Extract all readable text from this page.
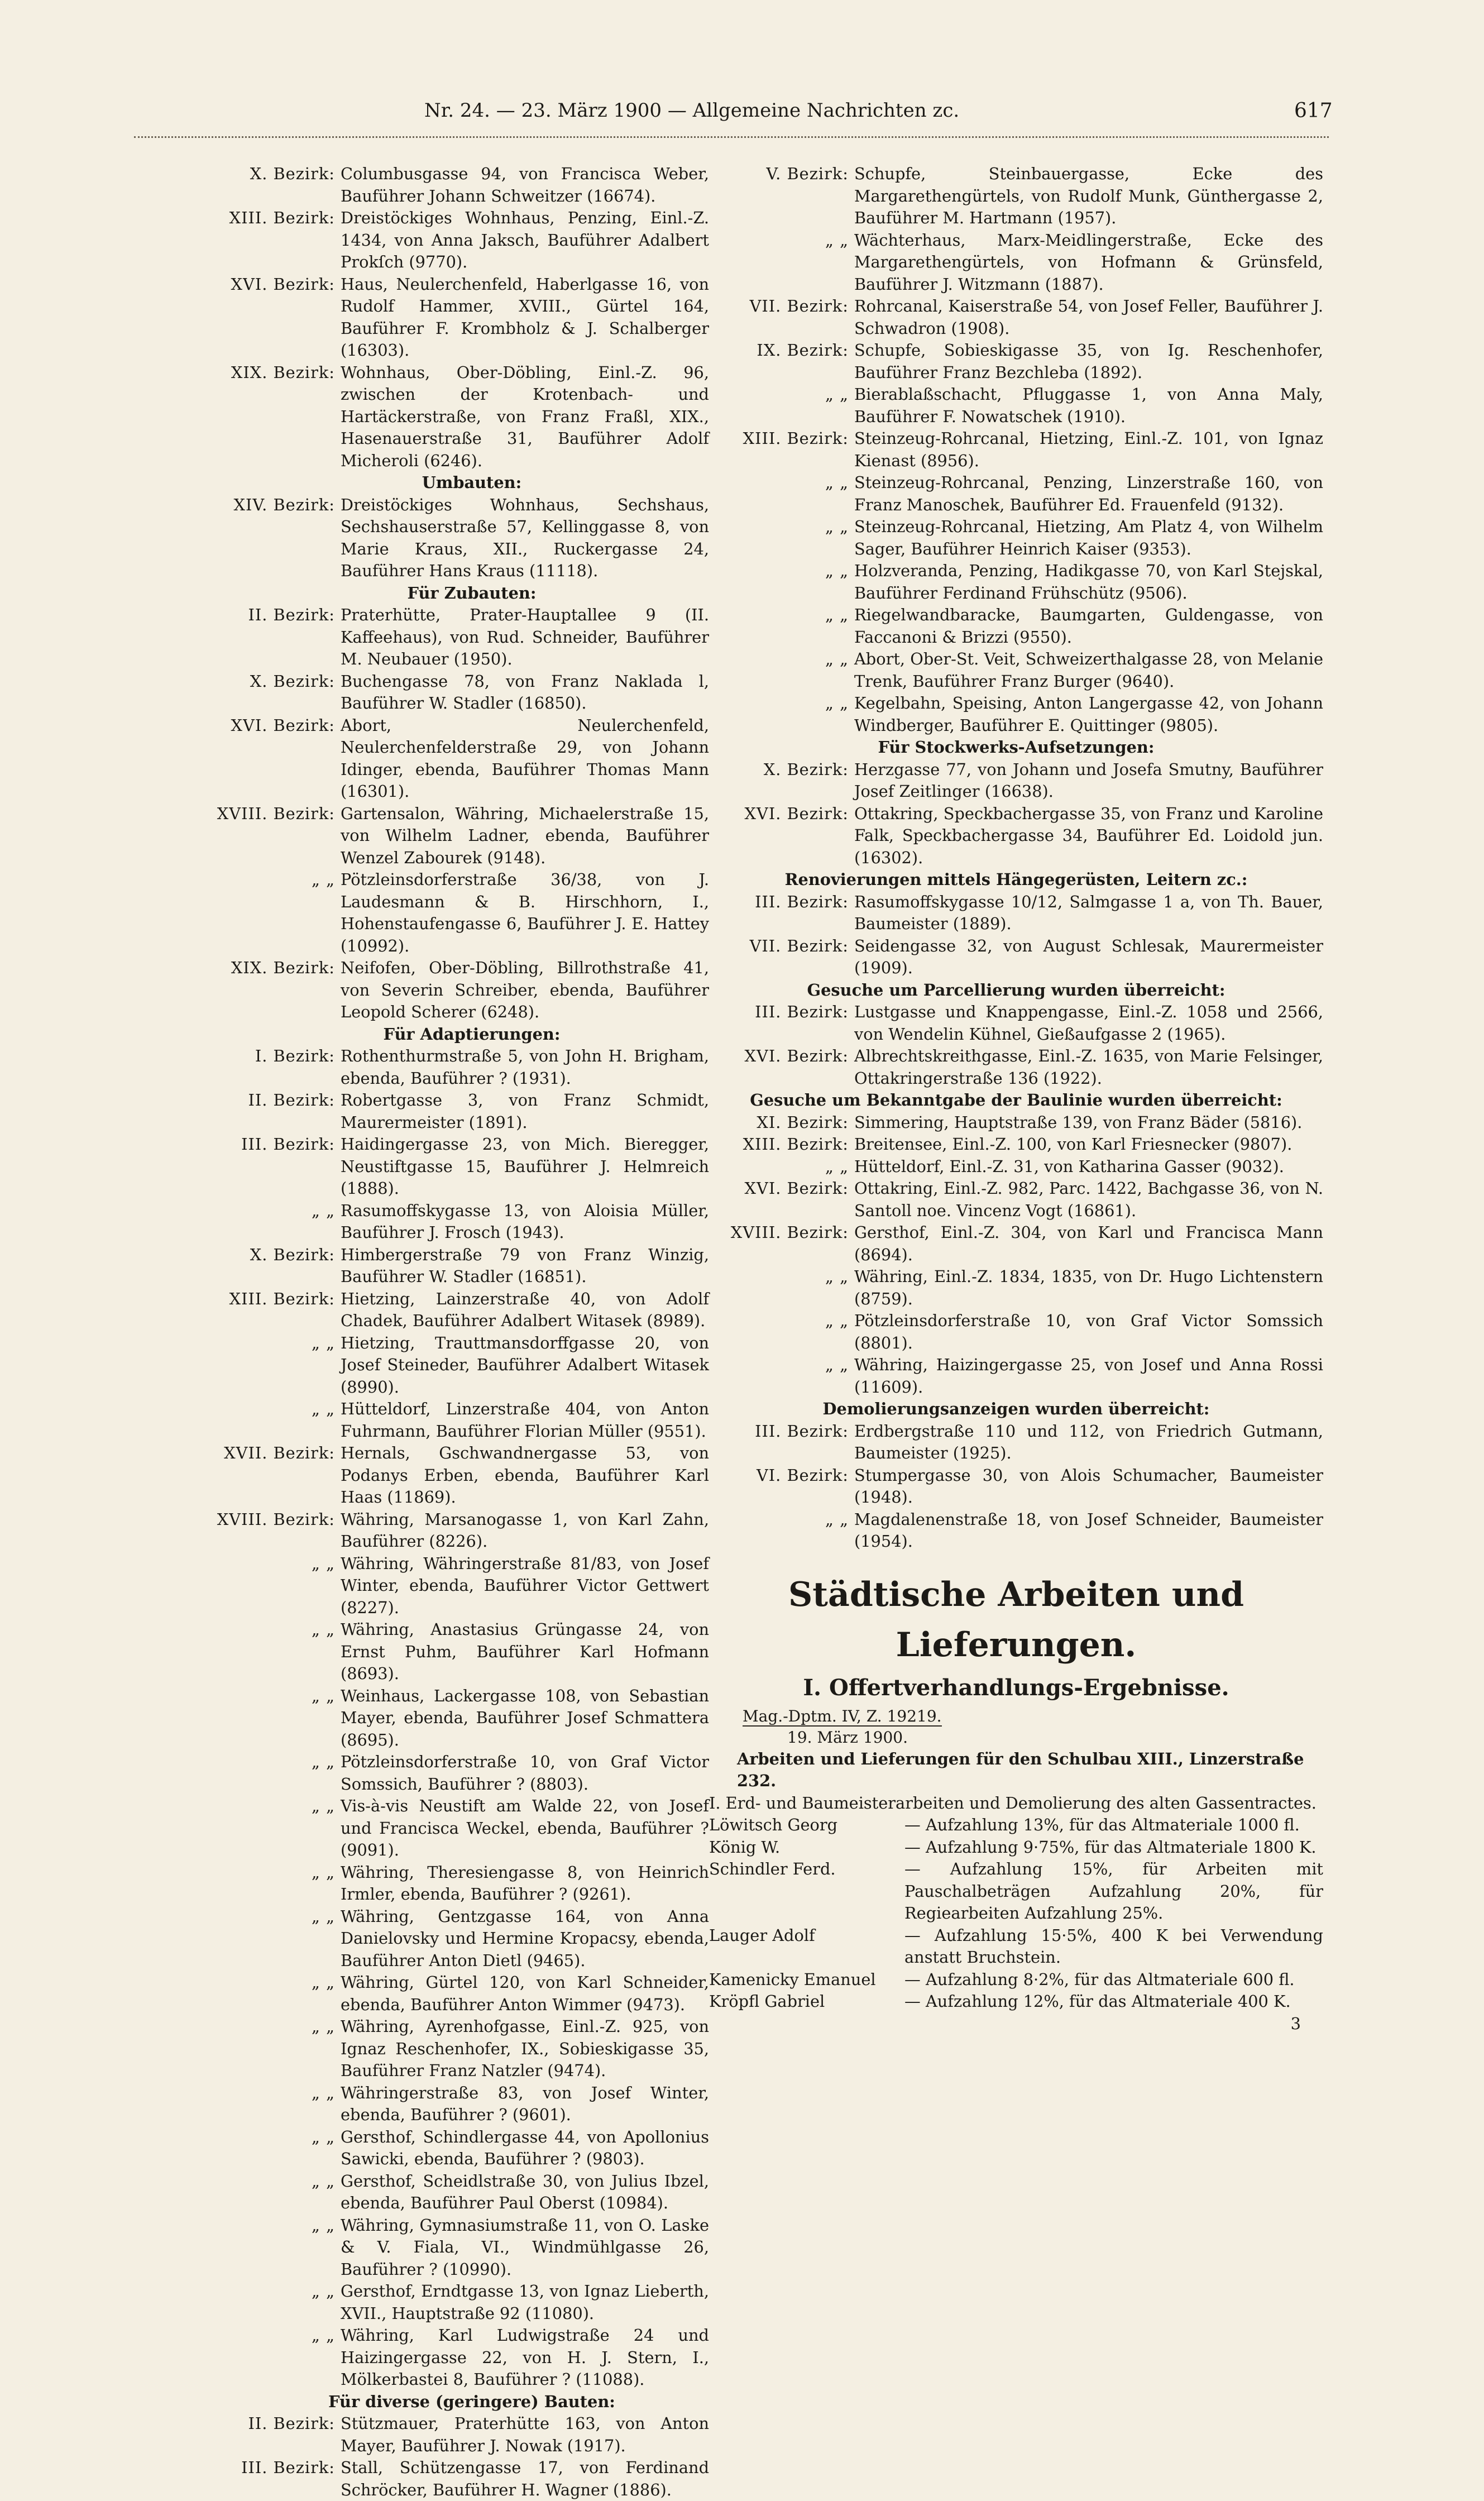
Nr. 24. — 23. März 1900 — Allgemeine Nachrichten zc.	617
X. Bezirk: Columbusgasse 94, von Francisca Weber, Bauführer Johann Schweitzer (16674).
XIII. Bezirk: Dreistöckiges Wohnhaus, Penzing, Einl.-Z. 1434, von Anna Jaksch, Bauführer Adalbert Prokſch (9770).
XVI. Bezirk: Haus, Neulerchenfeld, Haberlgasse 16, von Rudolf Hammer, XVIII., Gürtel 164, Bauführer F. Krombholz & J. Schalberger (16303).
XIX. Bezirk: Wohnhaus, Ober-Döbling, Einl.-Z. 96, zwischen der Krotenbach- und Hartäckerstraße, von Franz Fraßl, XIX., Hasenauerstraße 31, Bauführer Adolf Micheroli (6246).
Umbauten:
XIV. Bezirk: Dreistöckiges Wohnhaus, Sechshaus, Sechshauserstraße 57, Kellinggasse 8, von Marie Kraus, XII., Ruckergasse 24, Bauführer Hans Kraus (11118).
Für Zubauten:
II. Bezirk: Praterhütte, Prater-Hauptallee 9 (II. Kaffeehaus), von Rud. Schneider, Bauführer M. Neubauer (1950).
X. Bezirk: Buchengasse 78, von Franz Naklada l, Bauführer W. Stadler (16850).
XVI. Bezirk: Abort, Neulerchenfeld, Neulerchenfelderstraße 29, von Johann Idinger, ebenda, Bauführer Thomas Mann (16301).
XVIII. Bezirk: Gartensalon, Währing, Michaelerstraße 15, von Wilhelm Ladner, ebenda, Bauführer Wenzel Zabourek (9148).
„ „ Pötzleinsdorferstraße 36/38, von J. Laudesmann & B. Hirschhorn, I., Hohenstaufengasse 6, Bauführer J. E. Hattey (10992).
XIX. Bezirk: Neifofen, Ober-Döbling, Billrothstraße 41, von Severin Schreiber, ebenda, Bauführer Leopold Scherer (6248).
Für Adaptierungen:
I. Bezirk: Rothenthurmstraße 5, von John H. Brigham, ebenda, Bauführer ? (1931).
II. Bezirk: Robertgasse 3, von Franz Schmidt, Maurermeister (1891).
III. Bezirk: Haidingergasse 23, von Mich. Bieregger, Neustiftgasse 15, Bauführer J. Helmreich (1888).
„ „ Rasumoffskygasse 13, von Aloisia Müller, Bauführer J. Frosch (1943).
X. Bezirk: Himbergerstraße 79 von Franz Winzig, Bauführer W. Stadler (16851).
XIII. Bezirk: Hietzing, Lainzerstraße 40, von Adolf Chadek, Bauführer Adalbert Witasek (8989).
„ „ Hietzing, Trauttmansdorffgasse 20, von Josef Steineder, Bauführer Adalbert Witasek (8990).
„ „ Hütteldorf, Linzerstraße 404, von Anton Fuhrmann, Bauführer Florian Müller (9551).
XVII. Bezirk: Hernals, Gschwandnergasse 53, von Podanys Erben, ebenda, Bauführer Karl Haas (11869).
XVIII. Bezirk: Währing, Marsanogasse 1, von Karl Zahn, Bauführer (8226).
„ „ Währing, Währingerstraße 81/83, von Josef Winter, ebenda, Bauführer Victor Gettwert (8227).
„ „ Währing, Anastasius Grüngasse 24, von Ernst Puhm, Bauführer Karl Hofmann (8693).
„ „ Weinhaus, Lackergasse 108, von Sebastian Mayer, ebenda, Bauführer Josef Schmattera (8695).
„ „ Pötzleinsdorferstraße 10, von Graf Victor Somssich, Bauführer ? (8803).
„ „ Vis-à-vis Neustift am Walde 22, von Josef und Francisca Weckel, ebenda, Bauführer ? (9091).
„ „ Währing, Theresiengasse 8, von Heinrich Irmler, ebenda, Bauführer ? (9261).
„ „ Währing, Gentzgasse 164, von Anna Danielovsky und Hermine Kropacsy, ebenda, Bauführer Anton Dietl (9465).
„ „ Währing, Gürtel 120, von Karl Schneider, ebenda, Bauführer Anton Wimmer (9473).
„ „ Währing, Ayrenhofgasse, Einl.-Z. 925, von Ignaz Reschenhofer, IX., Sobieskigasse 35, Bauführer Franz Natzler (9474).
„ „ Währingerstraße 83, von Josef Winter, ebenda, Bauführer ? (9601).
„ „ Gersthof, Schindlergasse 44, von Apollonius Sawicki, ebenda, Bauführer ? (9803).
„ „ Gersthof, Scheidlstraße 30, von Julius Ibzel, ebenda, Bauführer Paul Oberst (10984).
„ „ Währing, Gymnasiumstraße 11, von O. Laske & V. Fiala, VI., Windmühlgasse 26, Bauführer ? (10990).
„ „ Gersthof, Erndtgasse 13, von Ignaz Lieberth, XVII., Hauptstraße 92 (11080).
„ „ Währing, Karl Ludwigstraße 24 und Haizingergasse 22, von H. J. Stern, I., Mölkerbastei 8, Bauführer ? (11088).
Für diverse (geringere) Bauten:
II. Bezirk: Stützmauer, Praterhütte 163, von Anton Mayer, Bauführer J. Nowak (1917).
III. Bezirk: Stall, Schützengasse 17, von Ferdinand Schröcker, Bauführer H. Wagner (1886).
V. Bezirk: Schupfe, Steinbauergasse, Ecke des Margarethengürtels, von Rudolf Munk, Günthergasse 2, Bauführer M. Hartmann (1957).
„ „ Wächterhaus, Marx-Meidlingerstraße, Ecke des Margarethengürtels, von Hofmann & Grünsfeld, Bauführer J. Witzmann (1887).
VII. Bezirk: Rohrcanal, Kaiserstraße 54, von Josef Feller, Bauführer J. Schwadron (1908).
IX. Bezirk: Schupfe, Sobieskigasse 35, von Ig. Reschenhofer, Bauführer Franz Bezchleba (1892).
„ „ Bierablaßschacht, Pfluggasse 1, von Anna Maly, Bauführer F. Nowatschek (1910).
XIII. Bezirk: Steinzeug-Rohrcanal, Hietzing, Einl.-Z. 101, von Ignaz Kienast (8956).
„ „ Steinzeug-Rohrcanal, Penzing, Linzerstraße 160, von Franz Manoschek, Bauführer Ed. Frauenfeld (9132).
„ „ Steinzeug-Rohrcanal, Hietzing, Am Platz 4, von Wilhelm Sager, Bauführer Heinrich Kaiser (9353).
„ „ Holzveranda, Penzing, Hadikgasse 70, von Karl Stejskal, Bauführer Ferdinand Frühschütz (9506).
„ „ Riegelwandbaracke, Baumgarten, Guldengasse, von Faccanoni & Brizzi (9550).
„ „ Abort, Ober-St. Veit, Schweizerthalgasse 28, von Melanie Trenk, Bauführer Franz Burger (9640).
„ „ Kegelbahn, Speising, Anton Langergasse 42, von Johann Windberger, Bauführer E. Quittinger (9805).
Für Stockwerks-Aufsetzungen:
X. Bezirk: Herzgasse 77, von Johann und Josefa Smutny, Bauführer Josef Zeitlinger (16638).
XVI. Bezirk: Ottakring, Speckbachergasse 35, von Franz und Karoline Falk, Speckbachergasse 34, Bauführer Ed. Loidold jun. (16302).
Renovierungen mittels Hängegerüsten, Leitern zc.:
III. Bezirk: Rasumoffskygasse 10/12, Salmgasse 1 a, von Th. Bauer, Baumeister (1889).
VII. Bezirk: Seidengasse 32, von August Schlesak, Maurermeister (1909).
Gesuche um Parcellierung wurden überreicht:
III. Bezirk: Lustgasse und Knappengasse, Einl.-Z. 1058 und 2566, von Wendelin Kühnel, Gießaufgasse 2 (1965).
XVI. Bezirk: Albrechtskreithgasse, Einl.-Z. 1635, von Marie Felsinger, Ottakringerstraße 136 (1922).
Gesuche um Bekanntgabe der Baulinie wurden überreicht:
XI. Bezirk: Simmering, Hauptstraße 139, von Franz Bäder (5816).
XIII. Bezirk: Breitensee, Einl.-Z. 100, von Karl Friesnecker (9807).
„ „ Hütteldorf, Einl.-Z. 31, von Katharina Gasser (9032).
XVI. Bezirk: Ottakring, Einl.-Z. 982, Parc. 1422, Bachgasse 36, von N. Santoll noe. Vincenz Vogt (16861).
XVIII. Bezirk: Gersthof, Einl.-Z. 304, von Karl und Francisca Mann (8694).
„ „ Währing, Einl.-Z. 1834, 1835, von Dr. Hugo Lichtenstern (8759).
„ „ Pötzleinsdorferstraße 10, von Graf Victor Somssich (8801).
„ „ Währing, Haizingergasse 25, von Josef und Anna Rossi (11609).
Demolierungsanzeigen wurden überreicht:
III. Bezirk: Erdbergstraße 110 und 112, von Friedrich Gutmann, Baumeister (1925).
VI. Bezirk: Stumpergasse 30, von Alois Schumacher, Baumeister (1948).
„ „ Magdalenenstraße 18, von Josef Schneider, Baumeister (1954).
Städtische Arbeiten und Lieferungen.
I. Offertverhandlungs-Ergebnisse.
Mag.-Dptm. IV, Z. 19219.
19. März 1900.
Arbeiten und Lieferungen für den Schulbau XIII., Linzerstraße 232.
I. Erd- und Baumeisterarbeiten und Demolierung des alten Gassentractes.
Löwitsch Georg	— Aufzahlung 13%, für das Altmateriale 1000 fl.
König W.	— Aufzahlung 9·75%, für das Altmateriale 1800 K.
Schindler Ferd.	— Aufzahlung 15%, für Arbeiten mit Pauschalbeträgen Aufzahlung 20%, für Regiearbeiten Aufzahlung 25%.
Lauger Adolf	— Aufzahlung 15·5%, 400 K bei Verwendung anstatt Bruchstein.
Kamenicky Emanuel	— Aufzahlung 8·2%, für das Altmateriale 600 fl.
Kröpfl Gabriel	— Aufzahlung 12%, für das Altmateriale 400 K.
3
